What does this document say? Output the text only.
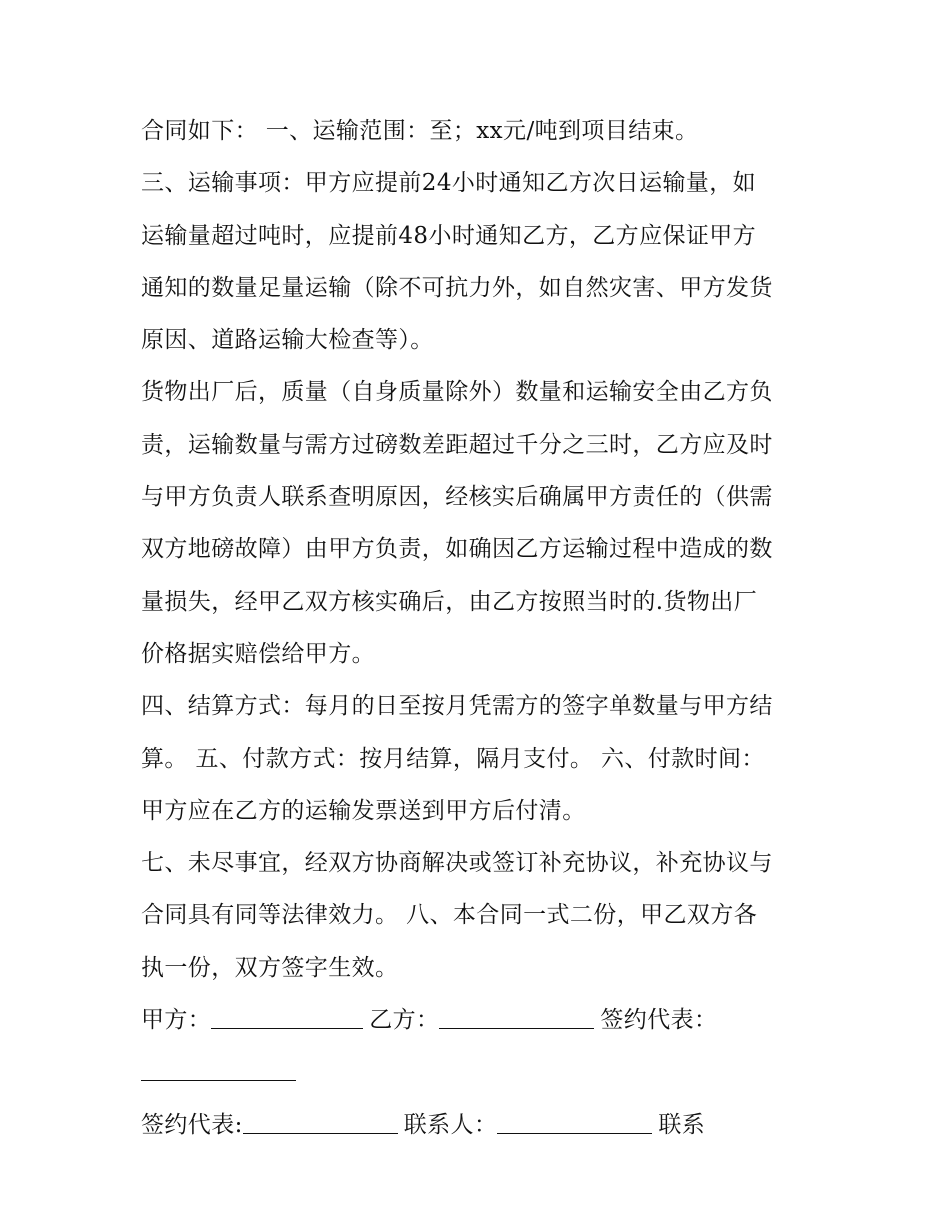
合同如下： 一、运输范围：至；xx元/吨到项目结束。
三、运输事项：甲方应提前24小时通知乙方次日运输量，如
运输量超过吨时，应提前48小时通知乙方，乙方应保证甲方
通知的数量足量运输（除不可抗力外，如自然灾害、甲方发货
原因、道路运输大检查等）。
货物出厂后，质量（自身质量除外）数量和运输安全由乙方负
责，运输数量与需方过磅数差距超过千分之三时，乙方应及时
与甲方负责人联系查明原因，经核实后确属甲方责任的（供需
双方地磅故障）由甲方负责，如确因乙方运输过程中造成的数
量损失，经甲乙双方核实确后，由乙方按照当时的.货物出厂
价格据实赔偿给甲方。
四、结算方式：每月的日至按月凭需方的签字单数量与甲方结
算。 五、付款方式：按月结算，隔月支付。 六、付款时间：
甲方应在乙方的运输发票送到甲方后付清。
七、未尽事宜，经双方协商解决或签订补充协议，补充协议与
合同具有同等法律效力。 八、本合同一式二份，甲乙双方各
执一份，双方签字生效。
甲方：	乙方：	签约代表：
签约代表:	联系人：	联系
